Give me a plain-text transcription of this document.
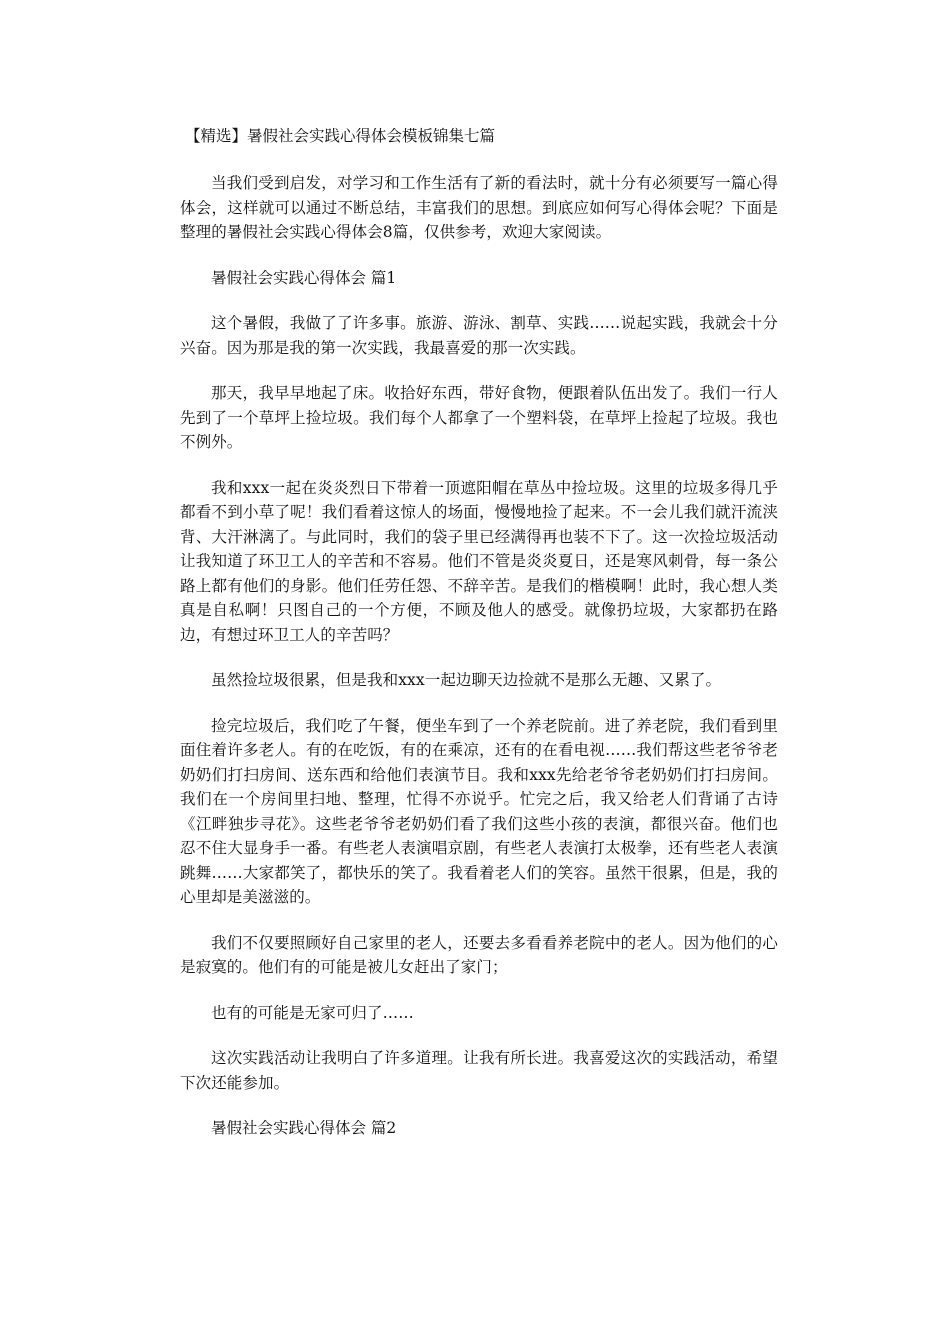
【精选】暑假社会实践心得体会模板锦集七篇

当我们受到启发，对学习和工作生活有了新的看法时，就十分有必须要写一篇心得体会，这样就可以通过不断总结，丰富我们的思想。到底应如何写心得体会呢？下面是整理的暑假社会实践心得体会8篇，仅供参考，欢迎大家阅读。

暑假社会实践心得体会 篇1

这个暑假，我做了了许多事。旅游、游泳、割草、实践……说起实践，我就会十分兴奋。因为那是我的第一次实践，我最喜爱的那一次实践。

那天，我早早地起了床。收拾好东西，带好食物，便跟着队伍出发了。我们一行人先到了一个草坪上捡垃圾。我们每个人都拿了一个塑料袋，在草坪上捡起了垃圾。我也不例外。

我和xxx一起在炎炎烈日下带着一顶遮阳帽在草丛中捡垃圾。这里的垃圾多得几乎都看不到小草了呢！我们看着这惊人的场面，慢慢地捡了起来。不一会儿我们就汗流浃背、大汗淋漓了。与此同时，我们的袋子里已经满得再也装不下了。这一次捡垃圾活动让我知道了环卫工人的辛苦和不容易。他们不管是炎炎夏日，还是寒风刺骨，每一条公路上都有他们的身影。他们任劳任怨、不辞辛苦。是我们的楷模啊！此时，我心想人类真是自私啊！只图自己的一个方便，不顾及他人的感受。就像扔垃圾，大家都扔在路边，有想过环卫工人的辛苦吗？

虽然捡垃圾很累，但是我和xxx一起边聊天边捡就不是那么无趣、又累了。

捡完垃圾后，我们吃了午餐，便坐车到了一个养老院前。进了养老院，我们看到里面住着许多老人。有的在吃饭，有的在乘凉，还有的在看电视……我们帮这些老爷爷老奶奶们打扫房间、送东西和给他们表演节目。我和xxx先给老爷爷老奶奶们打扫房间。我们在一个房间里扫地、整理，忙得不亦说乎。忙完之后，我又给老人们背诵了古诗《江畔独步寻花》。这些老爷爷老奶奶们看了我们这些小孩的表演，都很兴奋。他们也忍不住大显身手一番。有些老人表演唱京剧，有些老人表演打太极拳，还有些老人表演跳舞……大家都笑了，都快乐的笑了。我看着老人们的笑容。虽然干很累，但是，我的心里却是美滋滋的。

我们不仅要照顾好自己家里的老人，还要去多看看养老院中的老人。因为他们的心是寂寞的。他们有的可能是被儿女赶出了家门；

也有的可能是无家可归了……

这次实践活动让我明白了许多道理。让我有所长进。我喜爱这次的实践活动，希望下次还能参加。

暑假社会实践心得体会 篇2
